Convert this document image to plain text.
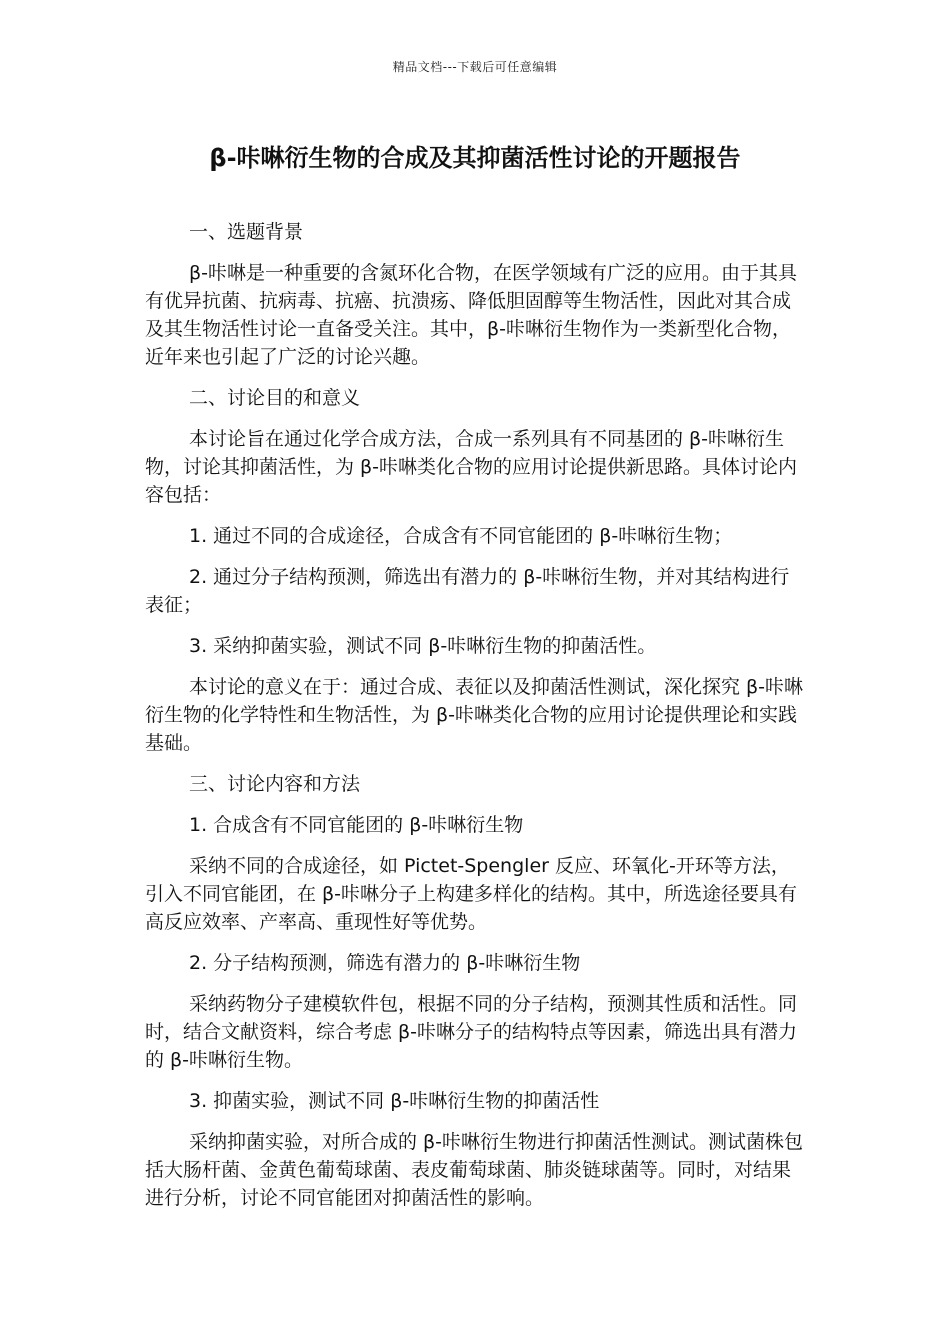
精品文档---下载后可任意编辑
β-咔啉衍生物的合成及其抑菌活性讨论的开题报告

一、选题背景

β-咔啉是一种重要的含氮环化合物，在医学领域有广泛的应用。由于其具有优异抗菌、抗病毒、抗癌、抗溃疡、降低胆固醇等生物活性，因此对其合成及其生物活性讨论一直备受关注。其中，β-咔啉衍生物作为一类新型化合物，近年来也引起了广泛的讨论兴趣。

二、讨论目的和意义

本讨论旨在通过化学合成方法，合成一系列具有不同基团的 β-咔啉衍生物，讨论其抑菌活性，为 β-咔啉类化合物的应用讨论提供新思路。具体讨论内容包括：

1. 通过不同的合成途径，合成含有不同官能团的 β-咔啉衍生物；

2. 通过分子结构预测，筛选出有潜力的 β-咔啉衍生物，并对其结构进行表征；

3. 采纳抑菌实验，测试不同 β-咔啉衍生物的抑菌活性。

本讨论的意义在于：通过合成、表征以及抑菌活性测试，深化探究 β-咔啉衍生物的化学特性和生物活性，为 β-咔啉类化合物的应用讨论提供理论和实践基础。

三、讨论内容和方法

1. 合成含有不同官能团的 β-咔啉衍生物

采纳不同的合成途径，如 Pictet-Spengler 反应、环氧化-开环等方法，引入不同官能团，在 β-咔啉分子上构建多样化的结构。其中，所选途径要具有高反应效率、产率高、重现性好等优势。

2. 分子结构预测，筛选有潜力的 β-咔啉衍生物

采纳药物分子建模软件包，根据不同的分子结构，预测其性质和活性。同时，结合文献资料，综合考虑 β-咔啉分子的结构特点等因素，筛选出具有潜力的 β-咔啉衍生物。

3. 抑菌实验，测试不同 β-咔啉衍生物的抑菌活性

采纳抑菌实验，对所合成的 β-咔啉衍生物进行抑菌活性测试。测试菌株包括大肠杆菌、金黄色葡萄球菌、表皮葡萄球菌、肺炎链球菌等。同时，对结果进行分析，讨论不同官能团对抑菌活性的影响。
